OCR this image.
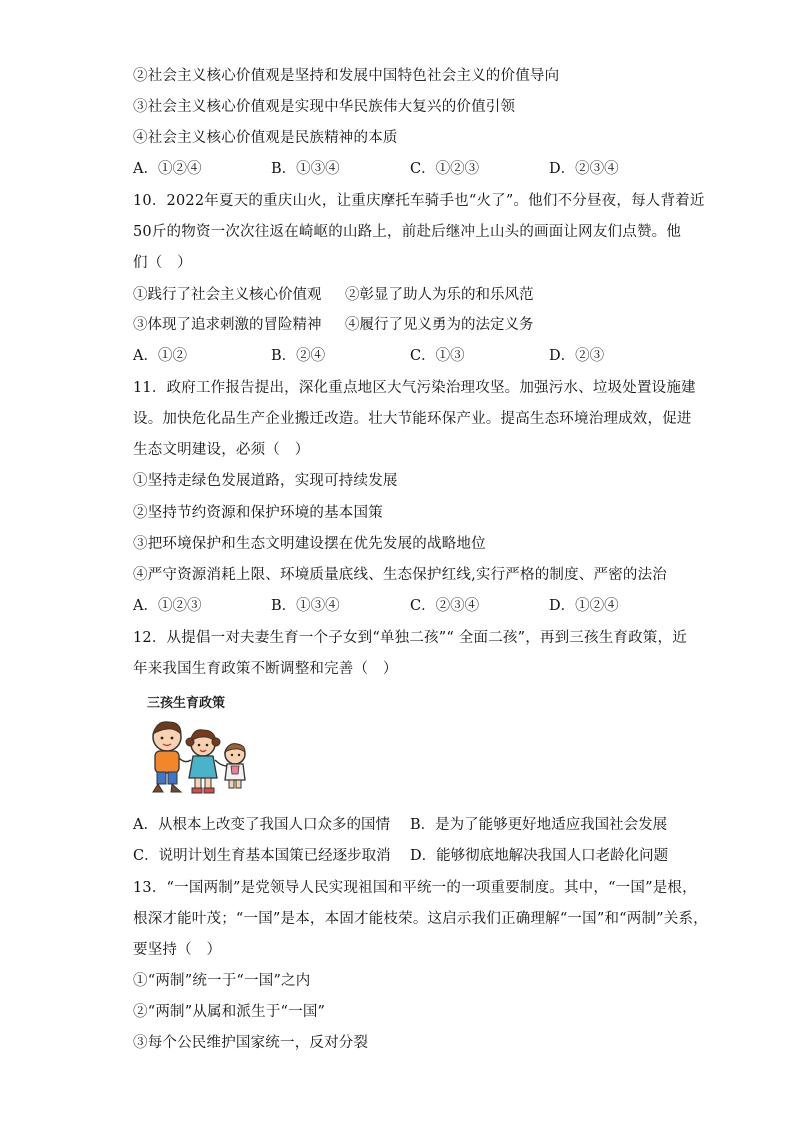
②社会主义核心价值观是坚持和发展中国特色社会主义的价值导向
③社会主义核心价值观是实现中华民族伟大复兴的价值引领
④社会主义核心价值观是民族精神的本质
A．①②④	B．①③④	C．①②③	D．②③④
10．2022年夏天的重庆山火，让重庆摩托车骑手也“火了”。他们不分昼夜，每人背着近
50斤的物资一次次往返在崎岖的山路上，前赴后继冲上山头的画面让网友们点赞。他
们（　）
①践行了社会主义核心价值观 ②彰显了助人为乐的和乐风范
③体现了追求刺激的冒险精神 ④履行了见义勇为的法定义务
A．①②	B．②④	C．①③	D．②③
11．政府工作报告提出，深化重点地区大气污染治理攻坚。加强污水、垃圾处置设施建
设。加快危化品生产企业搬迁改造。壮大节能环保产业。提高生态环境治理成效，促进
生态文明建设，必须（　）
①坚持走绿色发展道路，实现可持续发展
②坚持节约资源和保护环境的基本国策
③把环境保护和生态文明建设摆在优先发展的战略地位
④严守资源消耗上限、环境质量底线、生态保护红线,实行严格的制度、严密的法治
A．①②③	B．①③④	C．②③④	D．①②④
12．从提倡一对夫妻生育一个子女到“单独二孩”“ 全面二孩”，再到三孩生育政策，近
年来我国生育政策不断调整和完善（　）
三孩生育政策
A．从根本上改变了我国人口众多的国情 B．是为了能够更好地适应我国社会发展
C．说明计划生育基本国策已经逐步取消 D．能够彻底地解决我国人口老龄化问题
13．“一国两制”是党领导人民实现祖国和平统一的一项重要制度。其中，“一国”是根，
根深才能叶茂；“一国”是本，本固才能枝荣。这启示我们正确理解“一国”和“两制”关系，
要坚持（　）
①“两制”统一于“一国”之内
②“两制”从属和派生于“一国”
③每个公民维护国家统一，反对分裂
